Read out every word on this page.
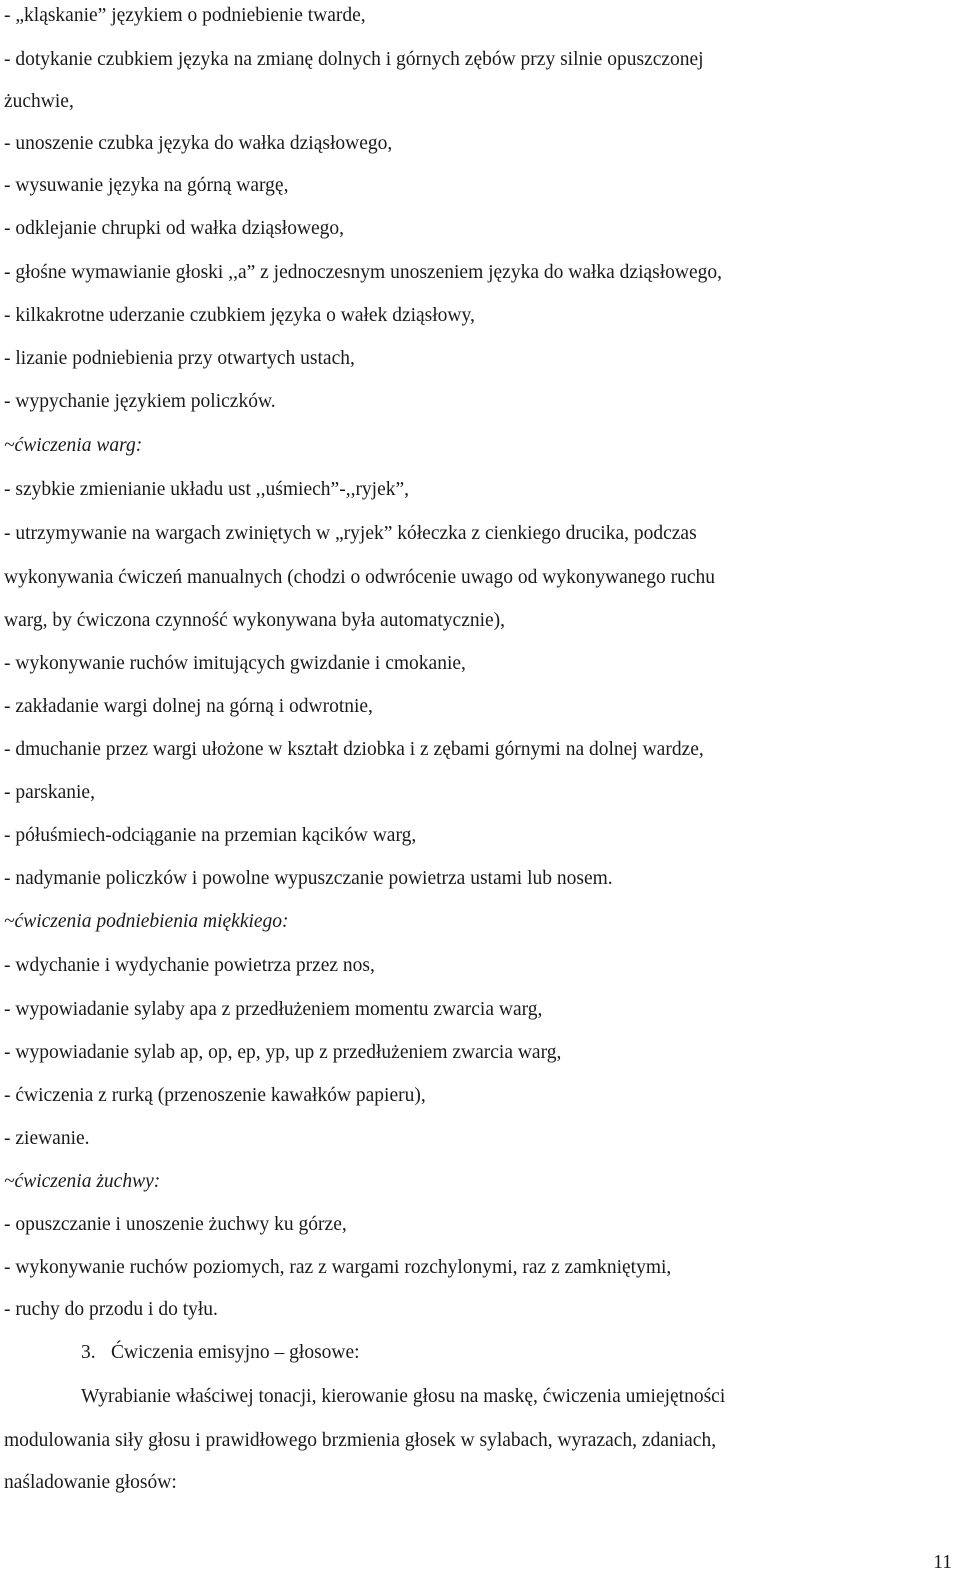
- „kląskanie” językiem o podniebienie twarde,
- dotykanie czubkiem języka na zmianę dolnych i górnych zębów przy silnie opuszczonej
żuchwie,
- unoszenie czubka języka do wałka dziąsłowego,
- wysuwanie języka na górną wargę,
- odklejanie chrupki od wałka dziąsłowego,
- głośne wymawianie głoski ,,a” z jednoczesnym unoszeniem języka do wałka dziąsłowego,
- kilkakrotne uderzanie czubkiem języka o wałek dziąsłowy,
- lizanie podniebienia przy otwartych ustach,
- wypychanie językiem policzków.
~ćwiczenia warg:
- szybkie zmienianie układu ust ,,uśmiech”-,,ryjek”,
- utrzymywanie na wargach zwiniętych w „ryjek” kółeczka z cienkiego drucika, podczas
wykonywania ćwiczeń manualnych (chodzi o odwrócenie uwago od wykonywanego ruchu
warg, by ćwiczona czynność wykonywana była automatycznie),
- wykonywanie ruchów imitujących gwizdanie i cmokanie,
- zakładanie wargi dolnej na górną i odwrotnie,
- dmuchanie przez wargi ułożone w kształt dziobka i z zębami górnymi na dolnej wardze,
- parskanie,
- półuśmiech-odciąganie na przemian kącików warg,
- nadymanie policzków i powolne wypuszczanie powietrza ustami lub nosem.
~ćwiczenia podniebienia miękkiego:
- wdychanie i wydychanie powietrza przez nos,
- wypowiadanie sylaby apa z przedłużeniem momentu zwarcia warg,
- wypowiadanie sylab ap, op, ep, yp, up z przedłużeniem zwarcia warg,
- ćwiczenia z rurką (przenoszenie kawałków papieru),
- ziewanie.
~ćwiczenia żuchwy:
- opuszczanie i unoszenie żuchwy ku górze,
- wykonywanie ruchów poziomych, raz z wargami rozchylonymi, raz z zamkniętymi,
- ruchy do przodu i do tyłu.
3. Ćwiczenia emisyjno – głosowe:
Wyrabianie właściwej tonacji, kierowanie głosu na maskę, ćwiczenia umiejętności
modulowania siły głosu i prawidłowego brzmienia głosek w sylabach, wyrazach, zdaniach,
naśladowanie głosów:
11
